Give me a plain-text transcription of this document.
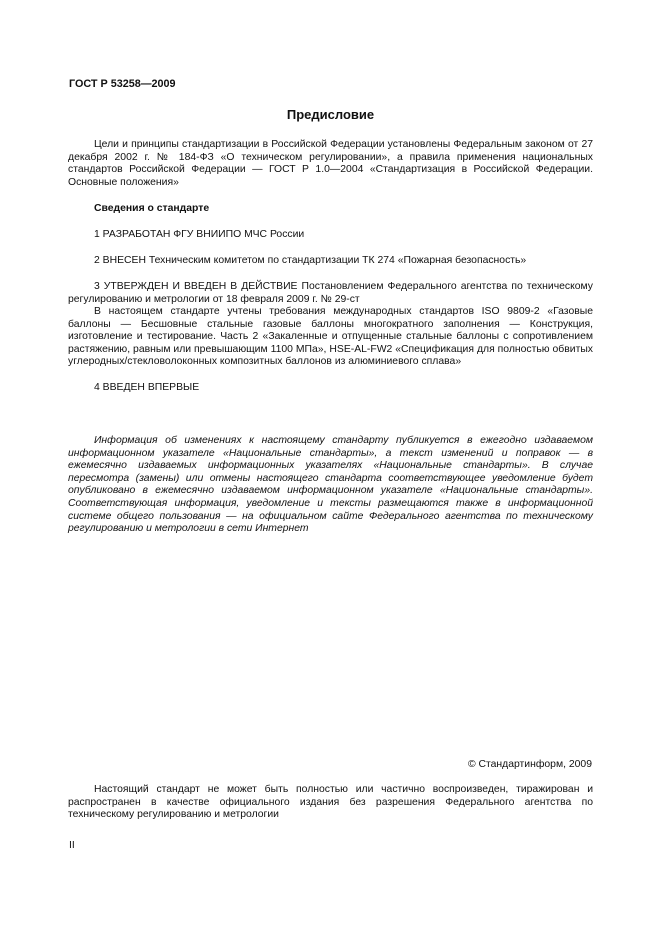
ГОСТ Р 53258—2009
Предисловие

Цели и принципы стандартизации в Российской Федерации установлены Федеральным законом от 27 декабря 2002 г. № 184-ФЗ «О техническом регулировании», а правила применения национальных стандартов Российской Федерации — ГОСТ Р 1.0—2004 «Стандартизация в Российской Федерации. Основные положения»

Сведения о стандарте
1 РАЗРАБОТАН ФГУ ВНИИПО МЧС России
2 ВНЕСЕН Техническим комитетом по стандартизации ТК 274 «Пожарная безопасность»

3 УТВЕРЖДЕН И ВВЕДЕН В ДЕЙСТВИЕ Постановлением Федерального агентства по техническому регулированию и метрологии от 18 февраля 2009 г. № 29-ст

В настоящем стандарте учтены требования международных стандартов ISO 9809-2 «Газовые баллоны — Бесшовные стальные газовые баллоны многократного заполнения — Конструкция, изготовление и тестирование. Часть 2 «Закаленные и отпущенные стальные баллоны с сопротивлением растяжению, равным или превышающим 1100 МПа», HSE-AL-FW2 «Спецификация для полностью обвитых углеродных/стекловолоконных композитных баллонов из алюминиевого сплава»

4 ВВЕДЕН ВПЕРВЫЕ

Информация об изменениях к настоящему стандарту публикуется в ежегодно издаваемом информационном указателе «Национальные стандарты», а текст изменений и поправок — в ежемесячно издаваемых информационных указателях «Национальные стандарты». В случае пересмотра (замены) или отмены настоящего стандарта соответствующее уведомление будет опубликовано в ежемесячно издаваемом информационном указателе «Национальные стандарты». Соответствующая информация, уведомление и тексты размещаются также в информационной системе общего пользования — на официальном сайте Федерального агентства по техническому регулированию и метрологии в сети Интернет

© Стандартинформ, 2009

Настоящий стандарт не может быть полностью или частично воспроизведен, тиражирован и распространен в качестве официального издания без разрешения Федерального агентства по техническому регулированию и метрологии

II
